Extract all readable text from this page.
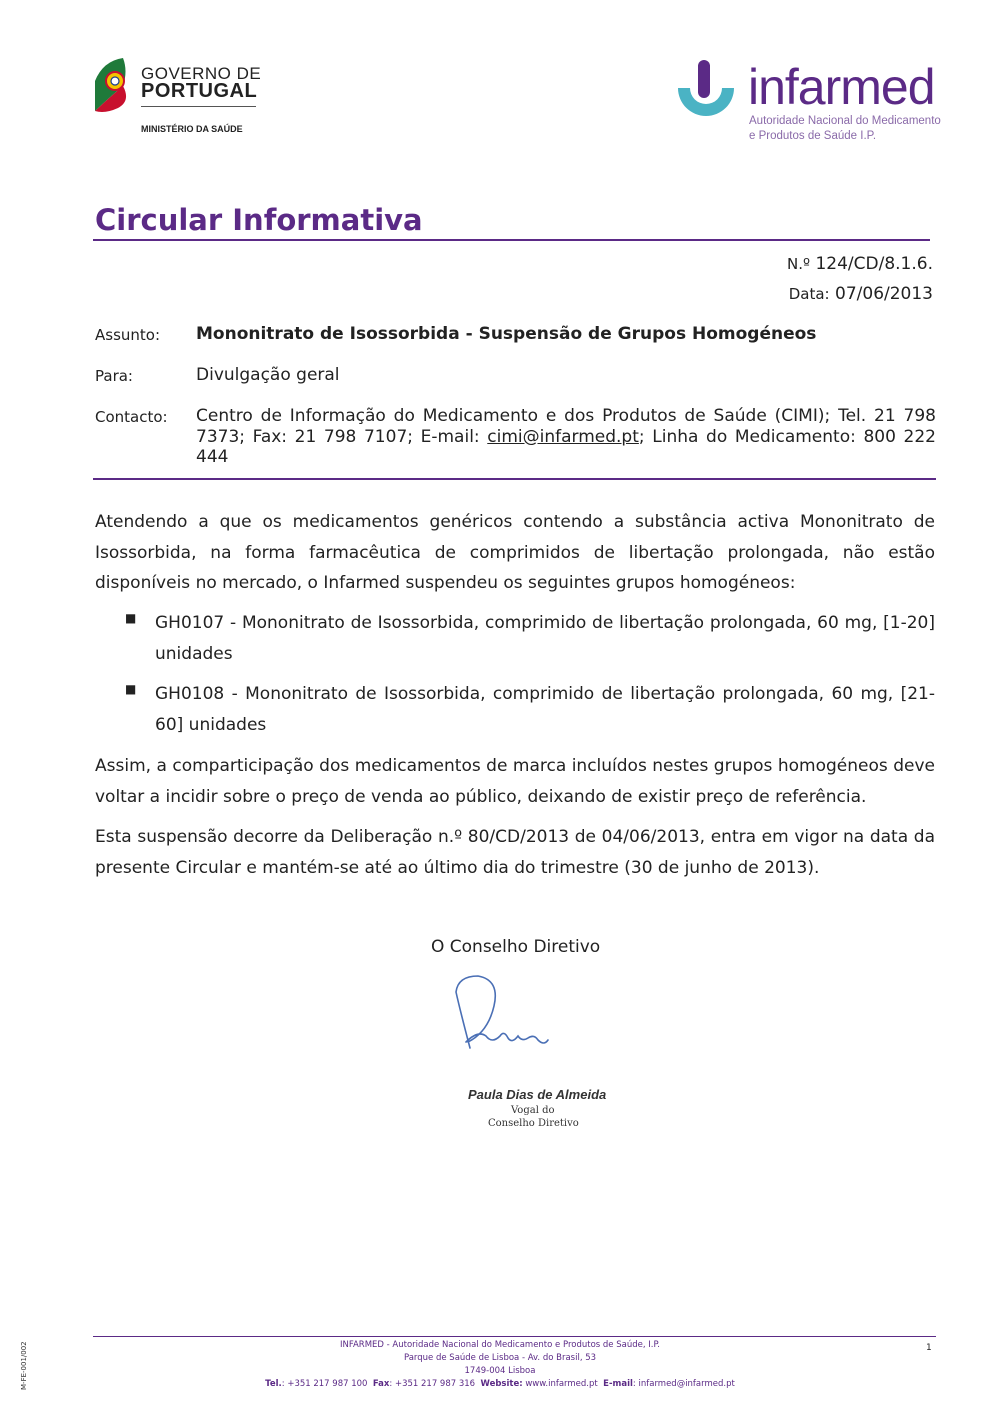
GOVERNO DE
PORTUGAL
MINISTÉRIO DA SAÚDE
infarmed
Autoridade Nacional do Medicamento
e Produtos de Saúde I.P.
Circular Informativa
N.º 124/CD/8.1.6.
Data: 07/06/2013
Assunto: Mononitrato de Isossorbida - Suspensão de Grupos Homogéneos
Para:	Divulgação geral
Contacto: Centro de Informação do Medicamento e dos Produtos de Saúde (CIMI); Tel. 21 798 7373; Fax: 21 798 7107; E-mail: cimi@infarmed.pt; Linha do Medicamento: 800 222 444
Atendendo a que os medicamentos genéricos contendo a substância activa Mononitrato de Isossorbida, na forma farmacêutica de comprimidos de libertação prolongada, não estão disponíveis no mercado, o Infarmed suspendeu os seguintes grupos homogéneos:
■ GH0107 - Mononitrato de Isossorbida, comprimido de libertação prolongada, 60 mg, [1-20] unidades
■ GH0108 - Mononitrato de Isossorbida, comprimido de libertação prolongada, 60 mg, [21-60] unidades
Assim, a comparticipação dos medicamentos de marca incluídos nestes grupos homogéneos deve voltar a incidir sobre o preço de venda ao público, deixando de existir preço de referência.
Esta suspensão decorre da Deliberação n.º 80/CD/2013 de 04/06/2013, entra em vigor na data da presente Circular e mantém-se até ao último dia do trimestre (30 de junho de 2013).
O Conselho Diretivo
Paula Dias de Almeida
Vogal do
Conselho Diretivo
INFARMED - Autoridade Nacional do Medicamento e Produtos de Saúde, I.P.
Parque de Saúde de Lisboa - Av. do Brasil, 53
1749-004 Lisboa
Tel.: +351 217 987 100 Fax: +351 217 987 316 Website: www.infarmed.pt E-mail: infarmed@infarmed.pt
1
M-FE-001/002
